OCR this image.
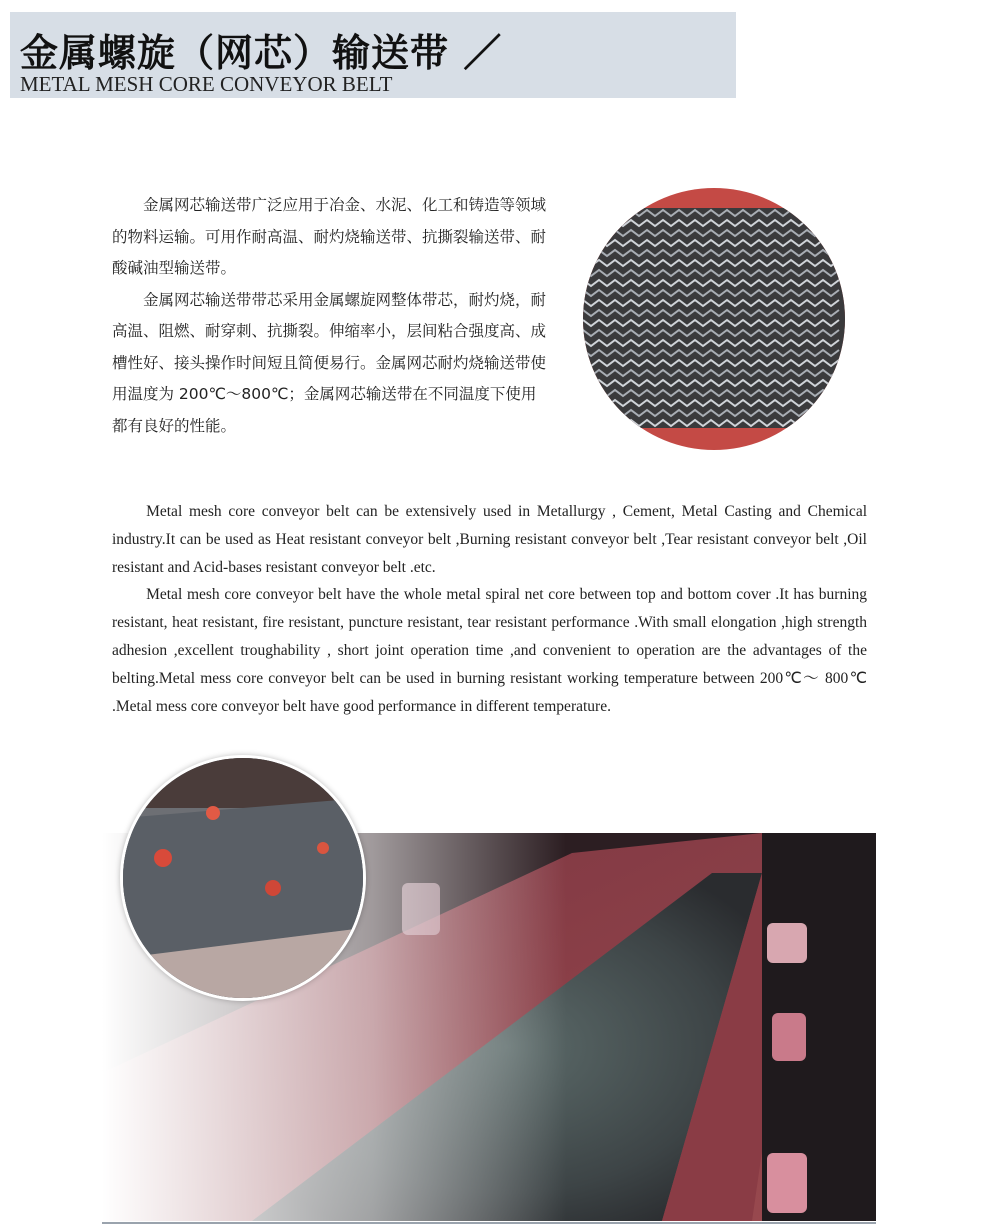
金属螺旋（网芯）输送带 ／
METAL MESH CORE CONVEYOR BELT

金属网芯输送带广泛应用于冶金、水泥、化工和铸造等领域的物料运输。可用作耐高温、耐灼烧输送带、抗撕裂输送带、耐酸碱油型输送带。

金属网芯输送带带芯采用金属螺旋网整体带芯，耐灼烧，耐高温、阻燃、耐穿刺、抗撕裂。伸缩率小，层间粘合强度高、成槽性好、接头操作时间短且简便易行。金属网芯耐灼烧输送带使用温度为 200℃～800℃；金属网芯输送带在不同温度下使用都有良好的性能。

Metal mesh core conveyor belt can be extensively used in Metallurgy , Cement, Metal Casting and Chemical industry.It can be used as Heat resistant conveyor belt ,Burning resistant conveyor belt ,Tear resistant conveyor belt ,Oil resistant and Acid-bases resistant conveyor belt .etc.

Metal mesh core conveyor belt have the whole metal spiral net core between top and bottom cover .It has burning resistant, heat resistant, fire resistant, puncture resistant, tear resistant performance .With small elongation ,high strength adhesion ,excellent troughability , short joint operation time ,and convenient to operation are the advantages of the belting.Metal mess core conveyor belt can be used in burning resistant working temperature between 200℃～ 800℃ .Metal mess core conveyor belt have good performance in different temperature.
